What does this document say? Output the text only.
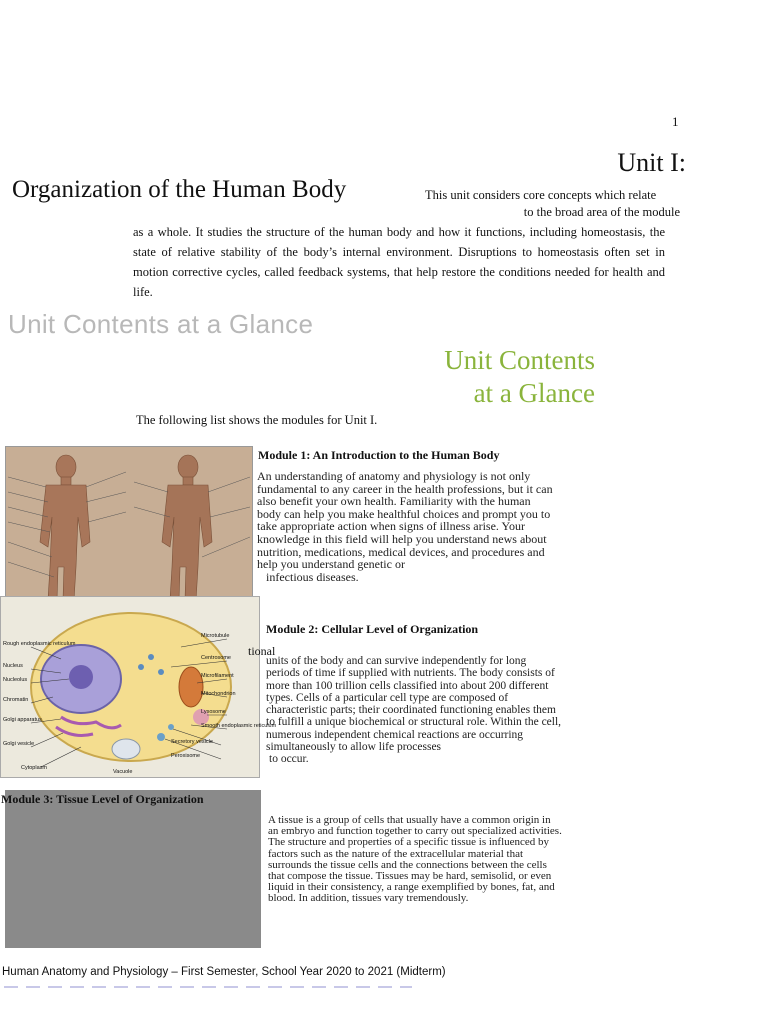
1
Unit I:
Organization of the Human Body	This unit considers core concepts which relate
to the broad area of the module
as a whole. It studies the structure of the human body and how it functions, including homeostasis, the state of relative stability of the body’s internal environment. Disruptions to homeostasis often set in motion corrective cycles, called feedback systems, that help restore the conditions needed for health and life.
Unit Contents at a Glance
Unit Contents
at a Glance
The following list shows the modules for Unit I.
Module 1: An Introduction to the Human Body
An understanding of anatomy and physiology is not only fundamental to any career in the health professions, but it can also benefit your own health. Familiarity with the human body can help you make healthful choices and prompt you to take appropriate action when signs of illness arise. Your knowledge in this field will help you understand news about nutrition, medications, medical devices, and procedures and help you understand genetic or
infectious diseases.
Rough endoplasmic reticulum
Nucleus
Nucleolus
Chromatin
Golgi apparatus
Golgi vesicle
Cytoplasm
Microtubule
Centrosome
Microfilament
Mitochondrion
Lysosome
Smooth endoplasmic reticulum
Secretory vesicle
Peroxisome
Vacuole
Module 2: Cellular Level of Organization
tional
units of the body and can survive independently for long periods of time if supplied with nutrients. The body consists of more than 100 trillion cells classified into about 200 different types. Cells of a particular cell type are composed of characteristic parts; their coordinated functioning enables them to fulfill a unique biochemical or structural role. Within the cell, numerous independent chemical reactions are occurring simultaneously to allow life processes
to occur.
Module 3: Tissue Level of Organization
A tissue is a group of cells that usually have a common origin in an embryo and function together to carry out specialized activities. The structure and properties of a specific tissue is influenced by factors such as the nature of the extracellular material that surrounds the tissue cells and the connections between the cells that compose the tissue. Tissues may be hard, semisolid, or even liquid in their consistency, a range exemplified by bones, fat, and blood. In addition, tissues vary tremendously.
Human Anatomy and Physiology – First Semester, School Year 2020 to 2021 (Midterm)
